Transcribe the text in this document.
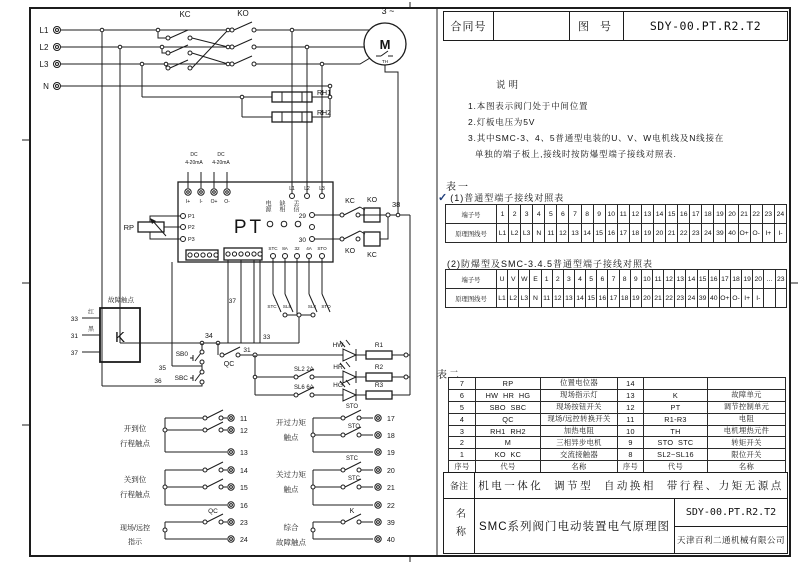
M
3 ~
TH
RH1
RH2
L1
L2
L3
N
KC	KO
PT
DC	DC
4-20mA 4-20mA
I+ I- O+ O-
P1
P2
P3
RP
电源 缺相 丢信
L1 L2 L3
29
30
STC 8A 32 4A STO
KC KO 38
KO
KC
STC SL8	SL4 STO
37
34	33
QC
31
SB0
SBC
35
36
SL2 2A
SL6 6A
HW
HR
HG
R1
R2
R3
K
故障触点
红
黑
33
31
37
开到位
行程触点
关到位
行程触点
现场/远控
指示
QC
11
12
13
14
15
16
23
24
开过力矩
触点
STO
STO
关过力矩
触点
STC
STC
综合
故障触点
K
17
18
19
20
21
22
39
40
合同号	图 号	SDY-00.PT.R2.T2
说明
1.本图表示阀门处于中间位置
2.灯板电压为5V
3.其中SMC-3、4、5普通型电装的U、V、W电机线及N线接在
单独的端子板上,接线时按防爆型端子接线对照表.
表一
✓ (1)普通型端子接线对照表
端子号	1	2	3	4	5	6	7	8	9	10	11	12	13	14	15	16	17	18	19	20	21	22	23	24
原理图线号	L1	L2	L3	N	11	12	13	14	15	16	17	18	19	20	21	22	23	24	39	40	O+	O-	I+	I-
(2)防爆型及SMC-3.4.5普通型端子接线对照表
端子号	U	V	W	E	1	2	3	4	5	6	7	8	9	10	11	12	13	14	15	16	17	18	19	20	...	23
原理图线号	L1	L2	L3	N	11	12	13	14	15	16	17	18	19	20	21	22	23	24	39	40	O+	O-	I+	I-		
表二
7	RP	位置电位器	14		
6	HW  HR  HG	现场指示灯	13	K	故障单元
5	SBO  SBC	现场按钮开关	12	PT	调节控制单元
4	QC	现场/远控转换开关	11	R1-R3	电阻
3	RH1  RH2	加热电阻	10	TH	电机埋热元件
2	M	三相异步电机	9	STO  STC	转矩开关
1	KO  KC	交流接触器	8	SL2~SL16	限位开关
序号	代号	名称	序号	代号	名称
备注 机电一体化  调节型  自动换相  带行程、力矩无源点
名称	SMC系列阀门电动装置电气原理图
SDY-00.PT.R2.T2
天津百利二通机械有限公司
